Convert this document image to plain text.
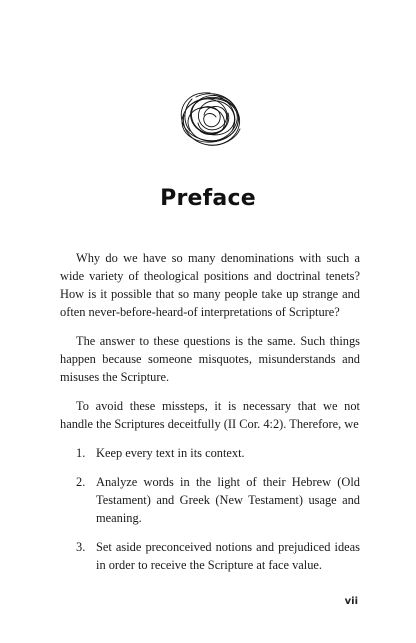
Preface

Why do we have so many denominations with such a wide variety of theological positions and doctrinal tenets? How is it possible that so many people take up strange and often never-before-heard-of interpretations of Scripture?

The answer to these questions is the same. Such things happen because someone misquotes, misunderstands and misuses the Scripture.

To avoid these missteps, it is necessary that we not handle the Scriptures deceitfully (II Cor. 4:2). Therefore, we

1. Keep every text in its context.
2. Analyze words in the light of their Hebrew (Old Testament) and Greek (New Testament) usage and meaning.
3. Set aside preconceived notions and prejudiced ideas in order to receive the Scripture at face value.
vii
